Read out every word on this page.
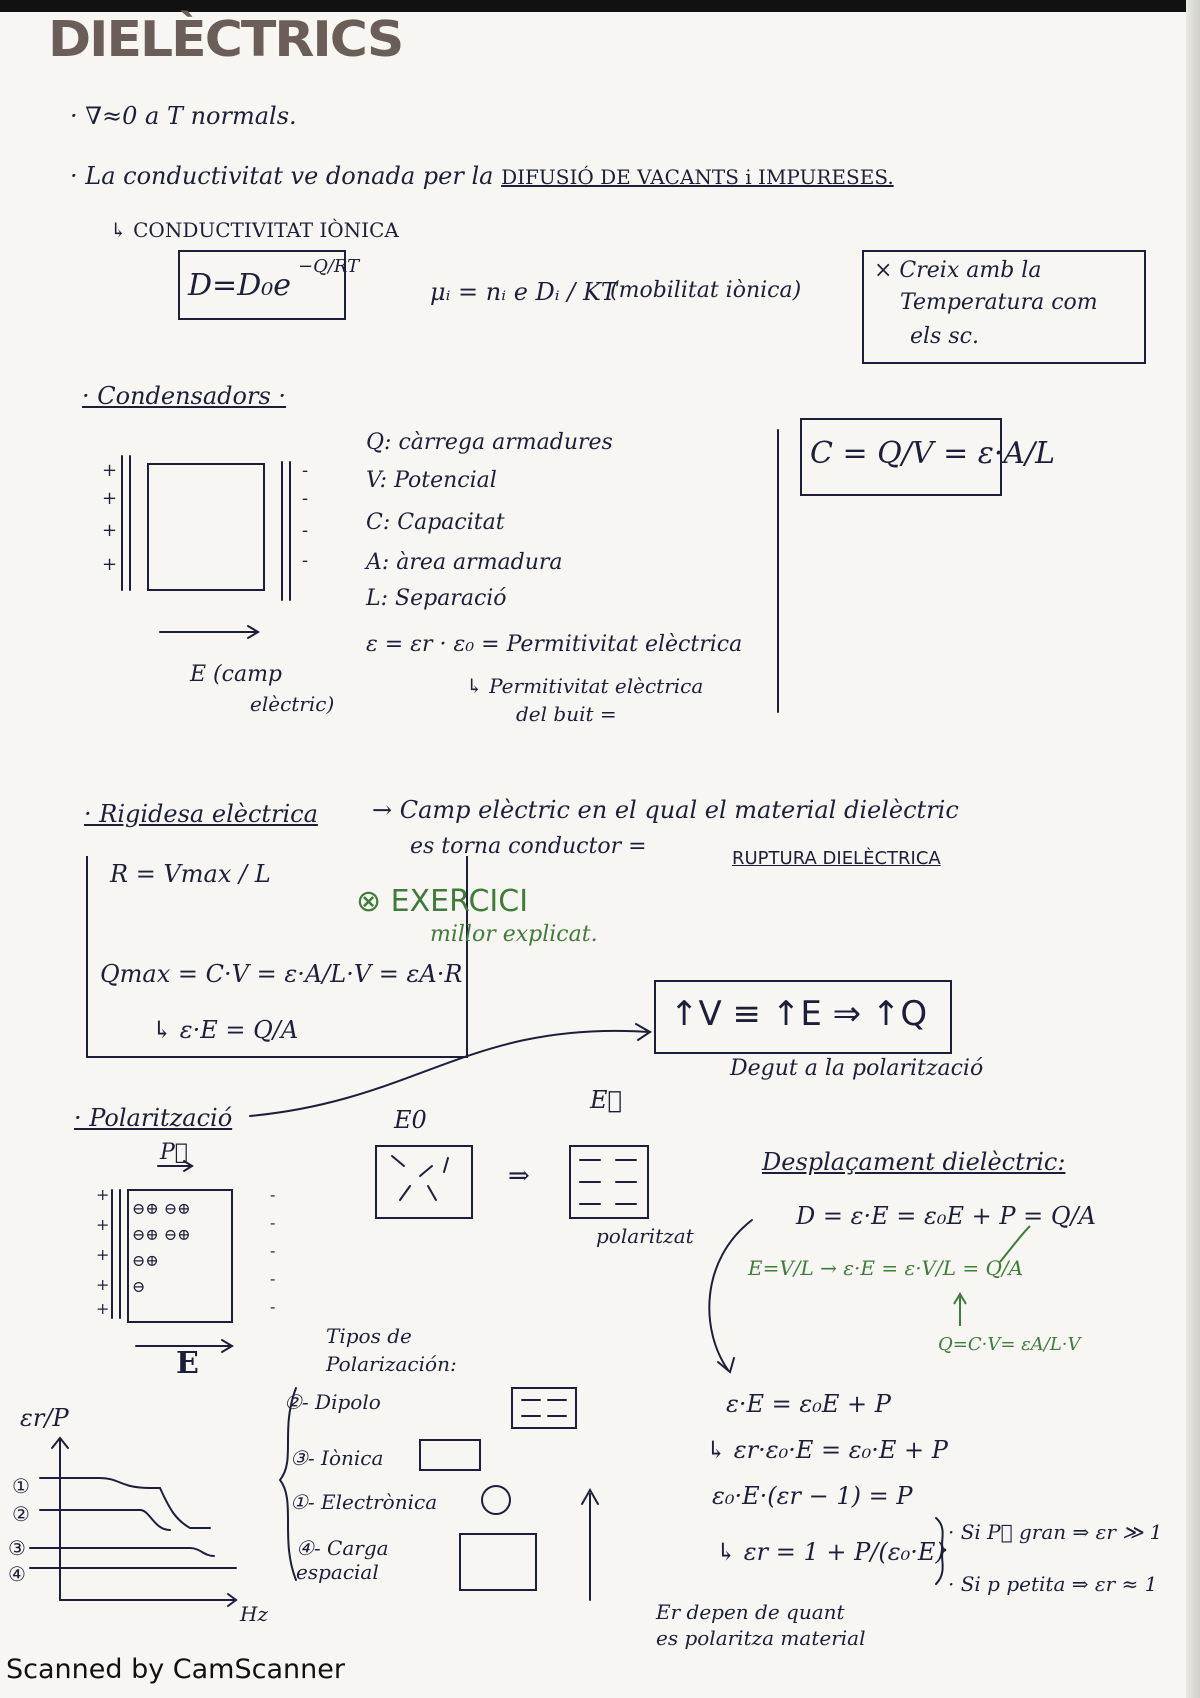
DIELÈCTRICS
· ∇≈0 a T normals.
· La conductivitat ve donada per la DIFUSIÓ DE VACANTS i IMPURESES.
↳ CONDUCTIVITAT IÒNICA
D=D₀e
−Q/RT
μᵢ = nᵢ e Dᵢ / KT
(mobilitat iònica)
× Creix amb la
Temperatura com
els sc.
· Condensadors ·
Q: càrrega armadures
V: Potencial
C: Capacitat
A: àrea armadura
L: Separació
ε = εr · ε₀ = Permitivitat elèctrica
↳ Permitivitat elèctrica
del buit =
E (camp
elèctric)
C = Q/V = ε·A/L
· Rigidesa elèctrica → Camp elèctric en el qual el material dielèctric
es torna conductor =	RUPTURA DIELÈCTRICA
R = Vmax / L
Qmax = C·V = ε·A/L·V = εA·R
↳ ε·E = Q/A
⊗ EXERCICI
millor explicat.
↑V ≡ ↑E ⇒ ↑Q
Degut a la polarització
· Polarització
P⃗
E
E0
E⃗
polaritzat
Tipos de
Polarización:
②- Dipolo
③- Iònica
①- Electrònica
④- Carga espacial
εr/P
Hz
①
②
③
④
Er depen de quant
es polaritza material
Desplaçament dielèctric:
D = ε·E = ε₀E + P = Q/A
E=V/L → ε·E = ε·V/L = Q/A
Q=C·V= εA/L·V
ε·E = ε₀E + P
↳ εr·ε₀·E = ε₀·E + P
ε₀·E·(εr − 1) = P
↳ εr = 1 + P/(ε₀·E)
· Si P⃗ gran ⇒ εr ≫ 1
· Si p petita ⇒ εr ≈ 1
Scanned by CamScanner
+
+
+
+
-
-
-
-
⊖⊕ ⊖⊕
⊖⊕ ⊖⊕
⊖⊕
⊖
+
+
+
+
+
-
-
-
-
-
⇒
